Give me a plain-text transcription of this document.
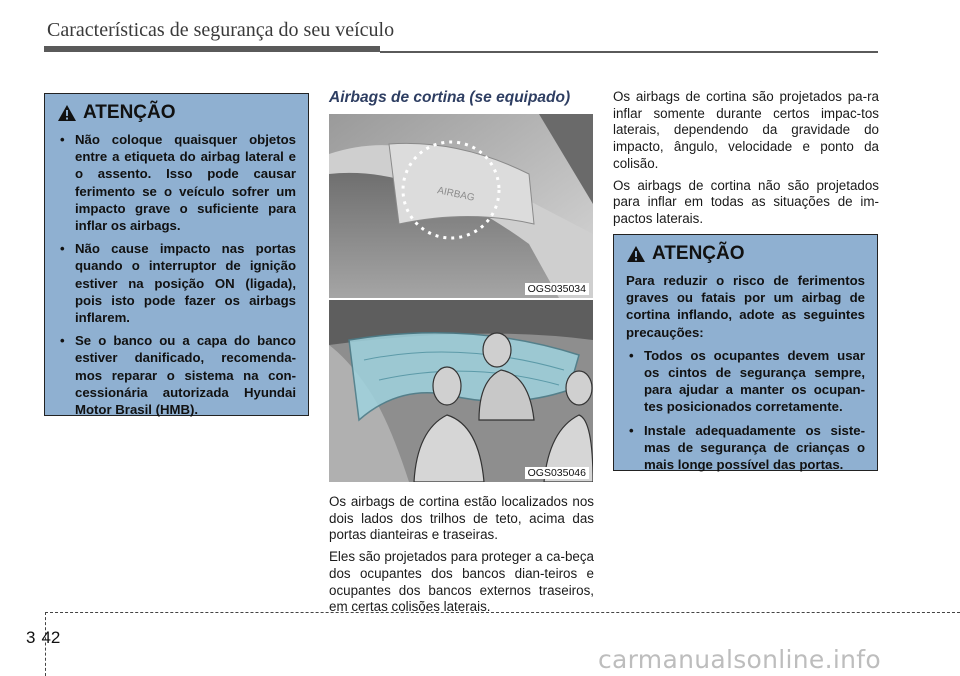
Características de segurança do seu veículo
ATENÇÃO
• Não coloque quaisquer objetos entre a etiqueta do airbag lateral e o assento. Isso pode causar ferimento se o veículo sofrer um impacto grave o suficiente para inflar os airbags.
• Não cause impacto nas portas quando o interruptor de ignição estiver na posição ON (ligada), pois isto pode fazer os airbags inflarem.
• Se o banco ou a capa do banco estiver danificado, recomenda-mos reparar o sistema na con-cessionária autorizada Hyundai Motor Brasil (HMB).
Airbags de cortina (se equipado)
AIRBAG
OGS035034
OGS035046

Os airbags de cortina estão localizados nos dois lados dos trilhos de teto, acima das portas dianteiras e traseiras.

Eles são projetados para proteger a ca-beça dos ocupantes dos bancos dian-teiros e ocupantes dos bancos externos traseiros, em certas colisões laterais.

Os airbags de cortina são projetados pa-ra inflar somente durante certos impac-tos laterais, dependendo da gravidade do impacto, ângulo, velocidade e ponto da colisão.

Os airbags de cortina não são projetados para inflar em todas as situações de im-pactos laterais.

ATENÇÃO
Para reduzir o risco de ferimentos graves ou fatais por um airbag de cortina inflando, adote as seguintes precauções:
• Todos os ocupantes devem usar os cintos de segurança sempre, para ajudar a manter os ocupan-tes posicionados corretamente.
• Instale adequadamente os siste-mas de segurança de crianças o mais longe possível das portas.
3 42
carmanualsonline.info
